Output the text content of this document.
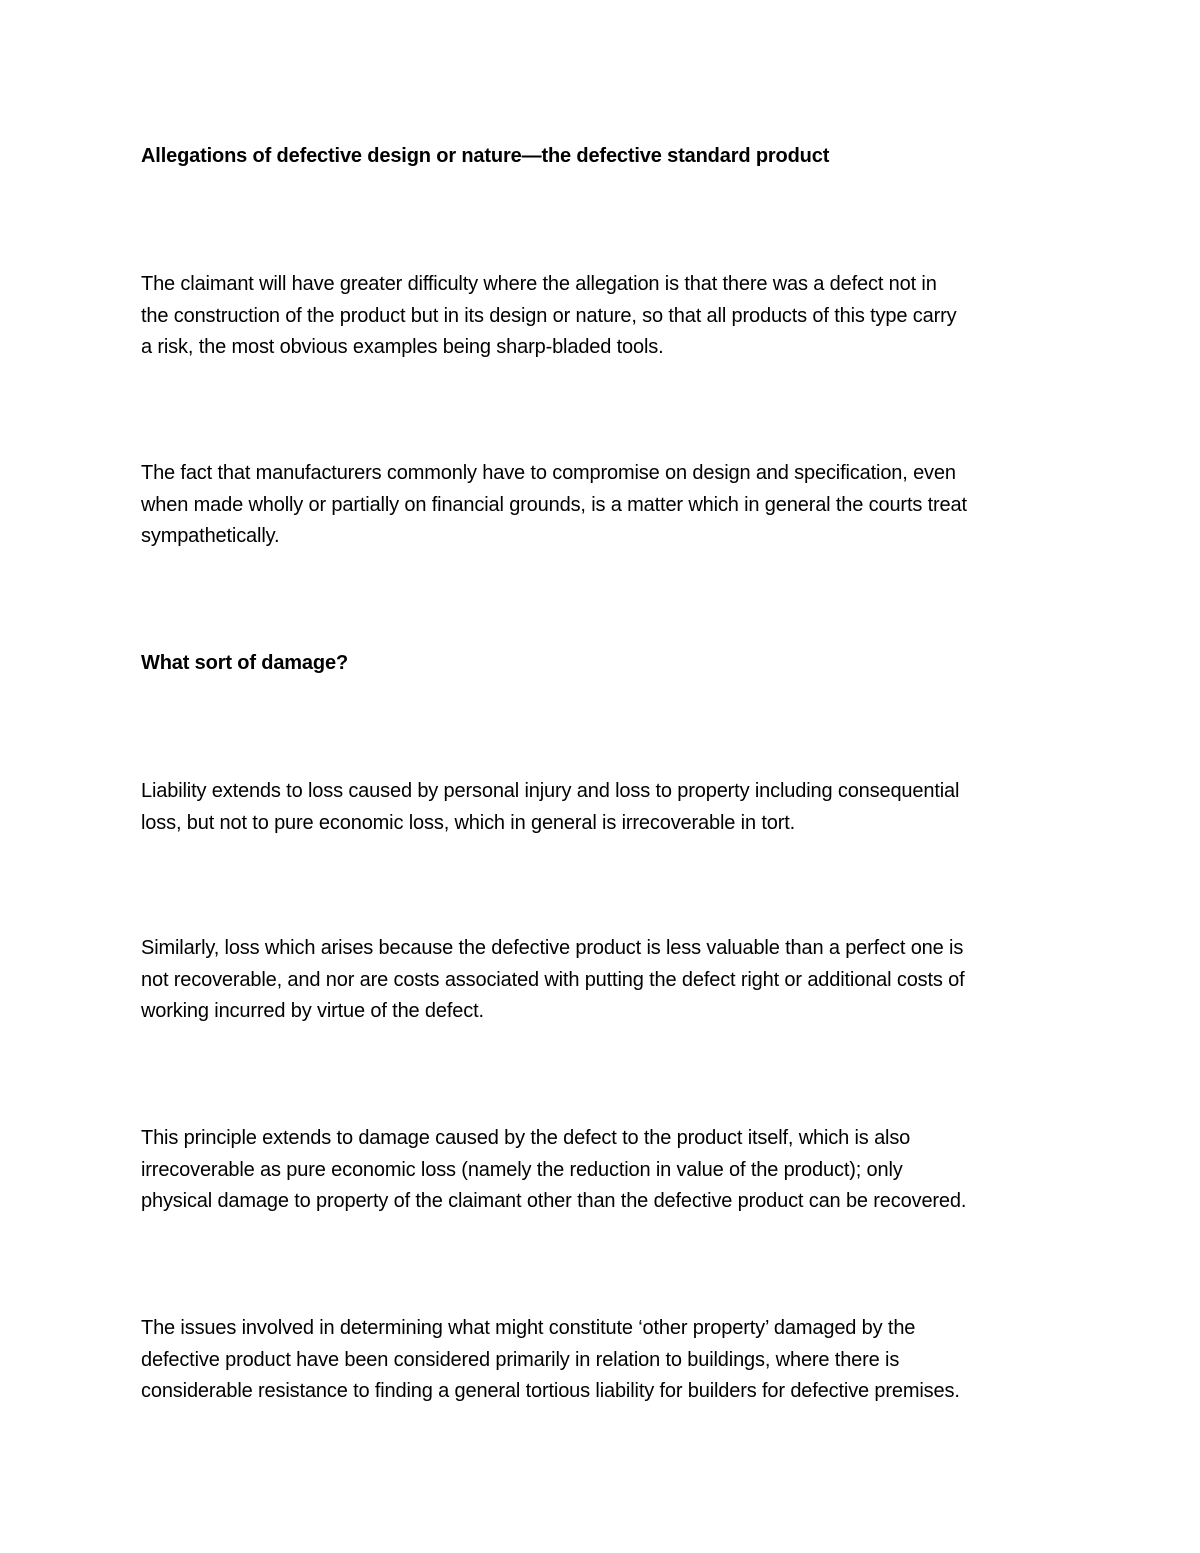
Allegations of defective design or nature—the defective standard product

The claimant will have greater difficulty where the allegation is that there was a defect not in
the construction of the product but in its design or nature, so that all products of this type carry
a risk, the most obvious examples being sharp-bladed tools.

The fact that manufacturers commonly have to compromise on design and specification, even
when made wholly or partially on financial grounds, is a matter which in general the courts treat
sympathetically.

What sort of damage?

Liability extends to loss caused by personal injury and loss to property including consequential
loss, but not to pure economic loss, which in general is irrecoverable in tort.

Similarly, loss which arises because the defective product is less valuable than a perfect one is
not recoverable, and nor are costs associated with putting the defect right or additional costs of
working incurred by virtue of the defect.

This principle extends to damage caused by the defect to the product itself, which is also
irrecoverable as pure economic loss (namely the reduction in value of the product); only
physical damage to property of the claimant other than the defective product can be recovered.

The issues involved in determining what might constitute ‘other property’ damaged by the
defective product have been considered primarily in relation to buildings, where there is
considerable resistance to finding a general tortious liability for builders for defective premises.
